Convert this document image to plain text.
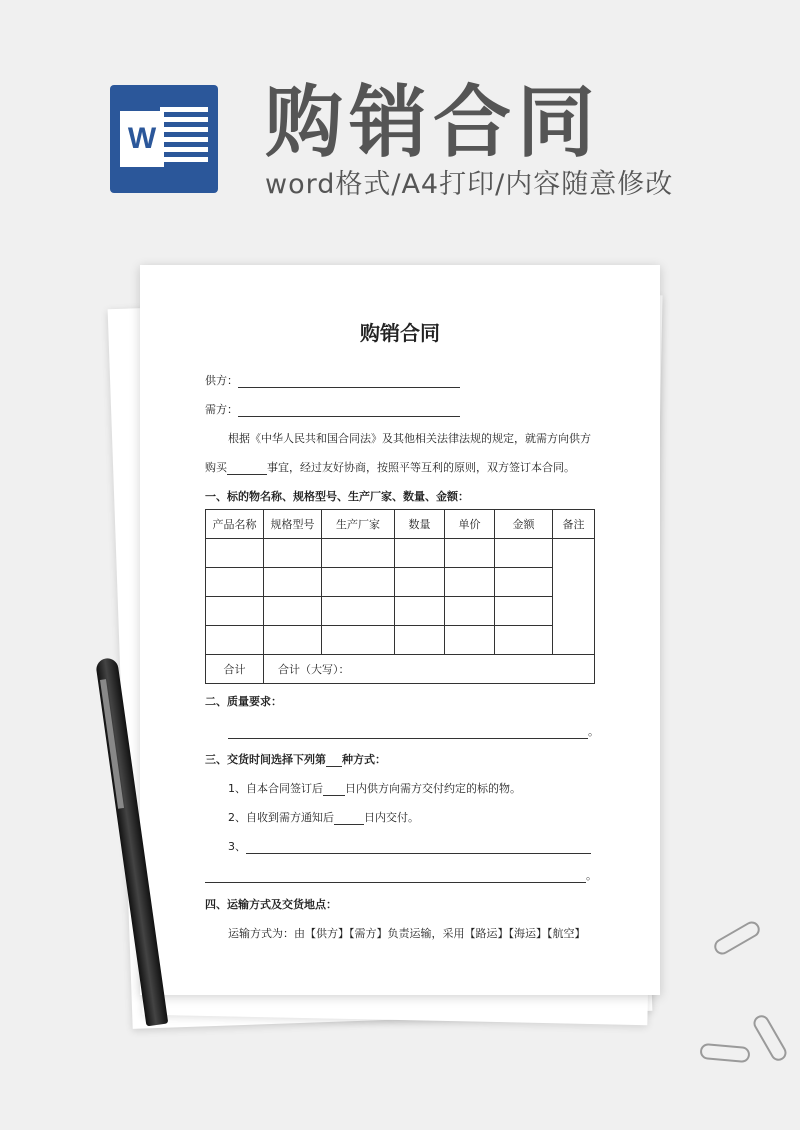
W 购销合同
word格式/A4打印/内容随意修改
购销合同
供方：
需方：
根据《中华人民共和国合同法》及其他相关法律法规的规定，就需方向供方
购买	事宜，经过友好协商，按照平等互利的原则，双方签订本合同。
一、标的物名称、规格型号、生产厂家、数量、金额：
产品名称	规格型号	生产厂家	数量	单价	金额	备注

合计	合计（大写）：					
二、质量要求：
。
三、交货时间选择下列第 种方式：
1、自本合同签订后 日内供方向需方交付约定的标的物。
2、自收到需方通知后	日内交付。
3、
。
四、运输方式及交货地点：
运输方式为：由【供方】【需方】负责运输，采用【路运】【海运】【航空】
